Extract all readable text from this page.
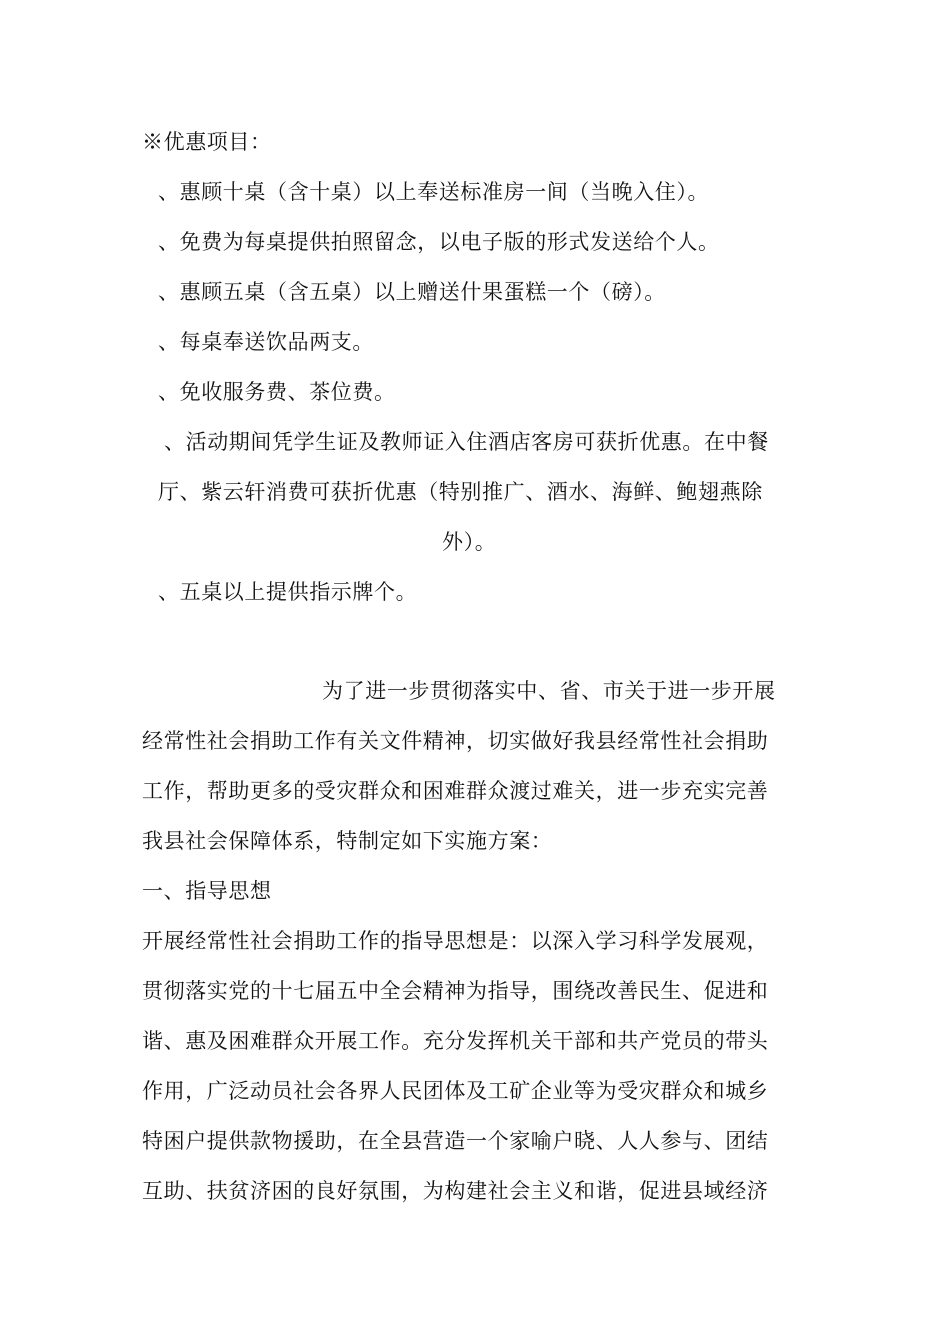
※优惠项目：
、惠顾十桌（含十桌）以上奉送标准房一间（当晚入住）。
、免费为每桌提供拍照留念，以电子版的形式发送给个人。
、惠顾五桌（含五桌）以上赠送什果蛋糕一个（磅）。
、每桌奉送饮品两支。
、免收服务费、茶位费。
、活动期间凭学生证及教师证入住酒店客房可获折优惠。在中餐
厅、紫云轩消费可获折优惠（特别推广、酒水、海鲜、鲍翅燕除
外）。
、五桌以上提供指示牌个。
为了进一步贯彻落实中、省、市关于进一步开展
经常性社会捐助工作有关文件精神，切实做好我县经常性社会捐助
工作，帮助更多的受灾群众和困难群众渡过难关，进一步充实完善
我县社会保障体系，特制定如下实施方案：
一、指导思想
开展经常性社会捐助工作的指导思想是：以深入学习科学发展观，
贯彻落实党的十七届五中全会精神为指导，围绕改善民生、促进和
谐、惠及困难群众开展工作。充分发挥机关干部和共产党员的带头
作用，广泛动员社会各界人民团体及工矿企业等为受灾群众和城乡
特困户提供款物援助，在全县营造一个家喻户晓、人人参与、团结
互助、扶贫济困的良好氛围，为构建社会主义和谐，促进县域经济
